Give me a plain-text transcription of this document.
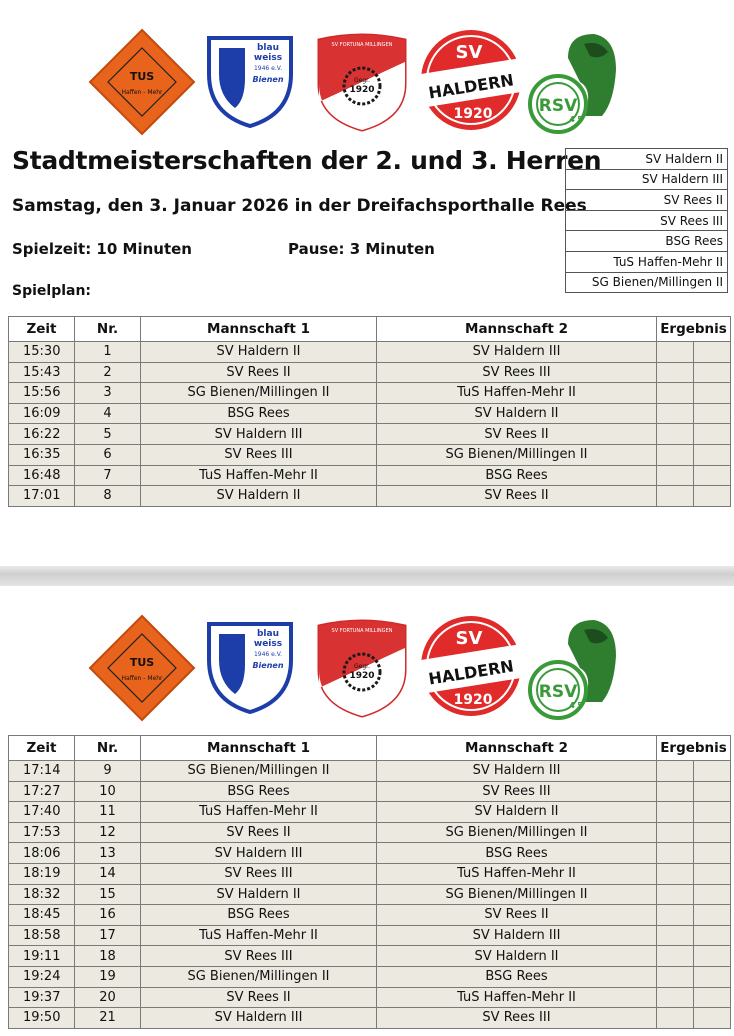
TUS
Haffen - Mehr
blau
weiss
1946 e.V.
Bienen
SV FORTUNA MILLINGEN
Gegr.
1920
SV
HALDERN
1920	RSV
4 5
Stadtmeisterschaften der 2. und 3. Herren
Samstag, den 3. Januar 2026 in der Dreifachsporthalle Rees
Spielzeit: 10 Minuten	Pause: 3 Minuten
Spielplan:
SV Haldern II
SV Haldern III
SV Rees II
SV Rees III
BSG Rees
TuS Haffen-Mehr II
SG Bienen/Millingen II
Zeit	Nr.	Mannschaft 1	Mannschaft 2	Ergebnis	
15:30	1	SV Haldern II	SV Haldern III		
15:43	2	SV Rees II	SV Rees III		
15:56	3	SG Bienen/Millingen II	TuS Haffen-Mehr II		
16:09	4	BSG Rees	SV Haldern II		
16:22	5	SV Haldern III	SV Rees II		
16:35	6	SV Rees III	SG Bienen/Millingen II		
16:48	7	TuS Haffen-Mehr II	BSG Rees		
17:01	8	SV Haldern II	SV Rees II		
TUS
Haffen - Mehr
blau
weiss
1946 e.V.
Bienen
SV FORTUNA MILLINGEN
Gegr.
1920
SV
HALDERN
1920	RSV
4 5
Zeit	Nr.	Mannschaft 1	Mannschaft 2	Ergebnis	
17:14	9	SG Bienen/Millingen II	SV Haldern III		
17:27	10	BSG Rees	SV Rees III		
17:40	11	TuS Haffen-Mehr II	SV Haldern II		
17:53	12	SV Rees II	SG Bienen/Millingen II		
18:06	13	SV Haldern III	BSG Rees		
18:19	14	SV Rees III	TuS Haffen-Mehr II		
18:32	15	SV Haldern II	SG Bienen/Millingen II		
18:45	16	BSG Rees	SV Rees II		
18:58	17	TuS Haffen-Mehr II	SV Haldern III		
19:11	18	SV Rees III	SV Haldern II		
19:24	19	SG Bienen/Millingen II	BSG Rees		
19:37	20	SV Rees II	TuS Haffen-Mehr II		
19:50	21	SV Haldern III	SV Rees III		
